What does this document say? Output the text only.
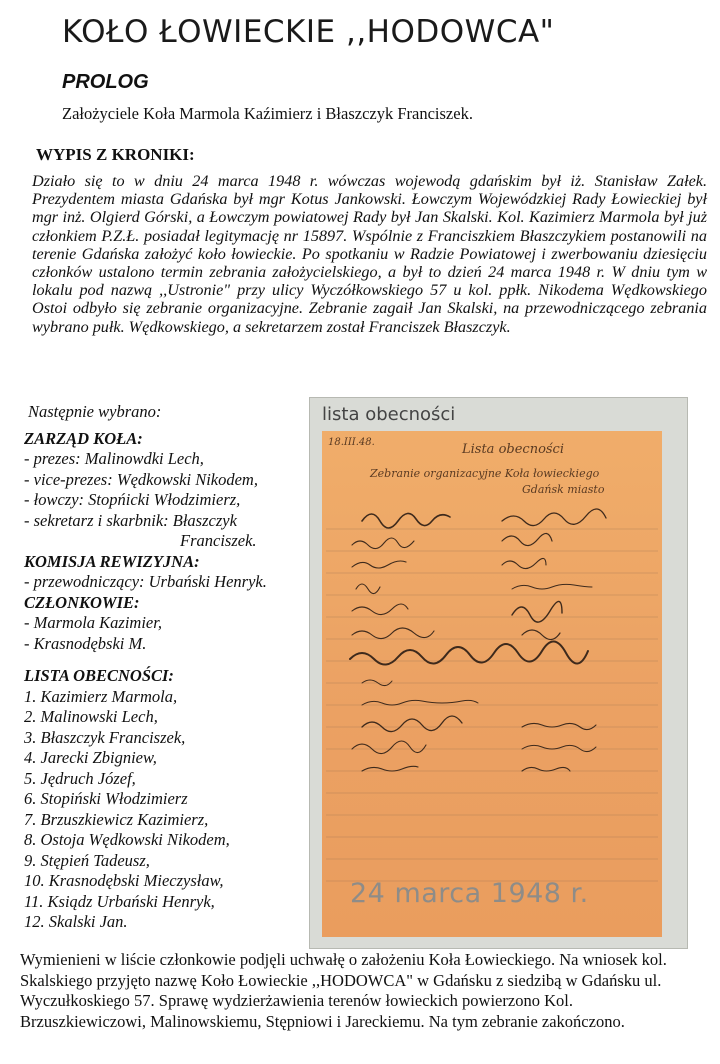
KOŁO ŁOWIECKIE ,,HODOWCA"
PROLOG
Założyciele Koła Marmola Kaźimierz i Błaszczyk Franciszek.
WYPIS Z KRONIKI:

Działo się to w dniu 24 marca 1948 r. wówczas wojewodą gdańskim był iż. Stanisław Załek. Prezydentem miasta Gdańska był mgr Kotus Jankowski. Łowczym Wojewódzkiej Rady Łowieckiej był mgr inż. Olgierd Górski, a Łowczym powiatowej Rady był Jan Skalski. Kol. Kazimierz Marmola był już członkiem P.Z.Ł. posiadał legitymację nr 15897. Wspólnie z Franciszkiem Błaszczykiem postanowili na terenie Gdańska założyć koło łowieckie. Po spotkaniu w Radzie Powiatowej i zwerbowaniu dziesięciu członków ustalono termin zebrania założycielskiego, a był to dzień 24 marca 1948 r. W dniu tym w lokalu pod nazwą ,,Ustronie" przy ulicy Wyczółkowskiego 57 u kol. ppłk. Nikodema Wędkowskiego Ostoi odbyło się zebranie organizacyjne. Zebranie zagaił Jan Skalski, na przewodniczącego zebrania wybrano pułk. Wędkowskiego, a sekretarzem został Franciszek Błaszczyk.

Następnie wybrano:
ZARZĄD KOŁA:
- prezes: Malinowdki Lech,
- vice-prezes: Wędkowski Nikodem,
- łowczy: Stopńicki Włodzimierz,
- sekretarz i skarbnik: Błaszczyk
Franciszek.
KOMISJA REWIZYJNA:
- przewodniczący: Urbański Henryk.
CZŁONKOWIE:
- Marmola Kazimier,
- Krasnodębski M.
LISTA OBECNOŚCI:
1. Kazimierz Marmola,
2. Malinowski Lech,
3. Błaszczyk Franciszek,
4. Jarecki Zbigniew,
5. Jędruch Józef,
6. Stopiński Włodzimierz
7. Brzuszkiewicz Kazimierz,
8. Ostoja Wędkowski Nikodem,
9. Stępień Tadeusz,
10. Krasnodębski Mieczysław,
11. Ksiądz Urbański Henryk,
12. Skalski Jan.
lista obecności
18.III.48.	Lista obecności
Zebranie organizacyjne Koła łowieckiego
Gdańsk miasto
24 marca 1948 r.

Wymienieni w liście członkowie podjęli uchwałę o założeniu Koła Łowieckiego. Na wniosek kol. Skalskiego przyjęto nazwę Koło Łowieckie ,,HODOWCA" w Gdańsku z siedzibą w Gdańsku ul. Wyczułkoskiego 57. Sprawę wydzierżawienia terenów łowieckich powierzono Kol. Brzuszkiewiczowi, Malinowskiemu, Stępniowi i Jareckiemu. Na tym zebranie zakończono.
